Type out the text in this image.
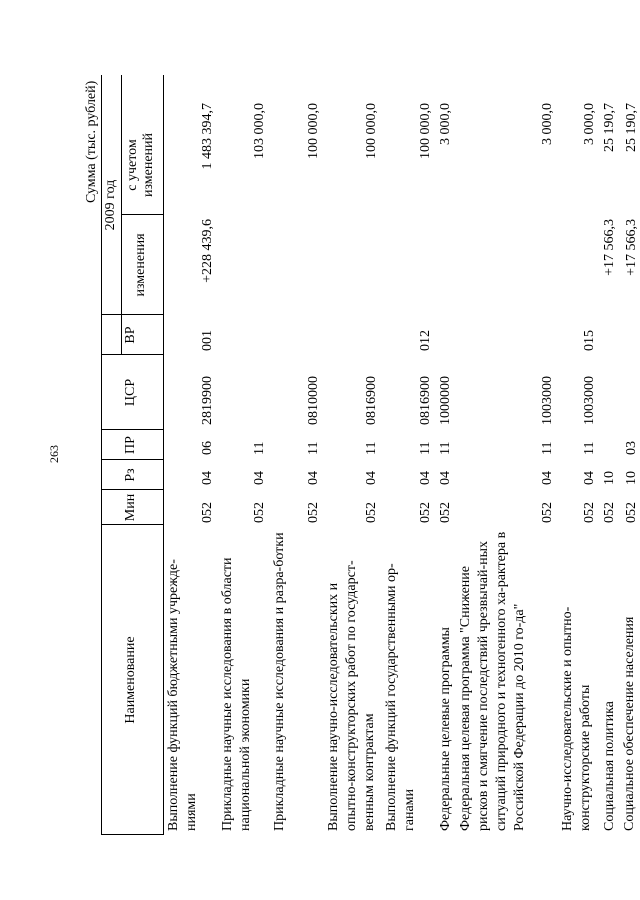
263
Сумма (тыс. рублей)
Наименование
Мин
Рз
ПР
ЦСР
ВР
2009 год
изменения
с учетом изменений
Выполнение функций бюджетными учрежде-ниями
052
04
06
2819900
001
+228 439,6
1 483 394,7
Прикладные научные исследования в области национальной экономики
052
04
11
103 000,0
Прикладные научные исследования и разра-ботки
052
04
11
0810000
100 000,0
Выполнение научно-исследовательских и опытно-конструкторских работ по государст-венным контрактам
052
04
11
0816900
100 000,0
Выполнение функций государственными ор-ганами
052
04
11
0816900
012
100 000,0
Федеральные целевые программы
052
04
11
1000000
3 000,0
Федеральная целевая программа "Снижение рисков и смягчение последствий чрезвычай-ных ситуаций природного и техногенного ха-рактера в Российской Федерации до 2010 го-да"
052
04
11
1003000
3 000,0
Научно-исследовательские и опытно-конструкторские работы
052
04
11
1003000
015
3 000,0
Социальная политика
052
10
+17 566,3
25 190,7
Социальное обеспечение населения
052
10
03
+17 566,3
25 190,7
